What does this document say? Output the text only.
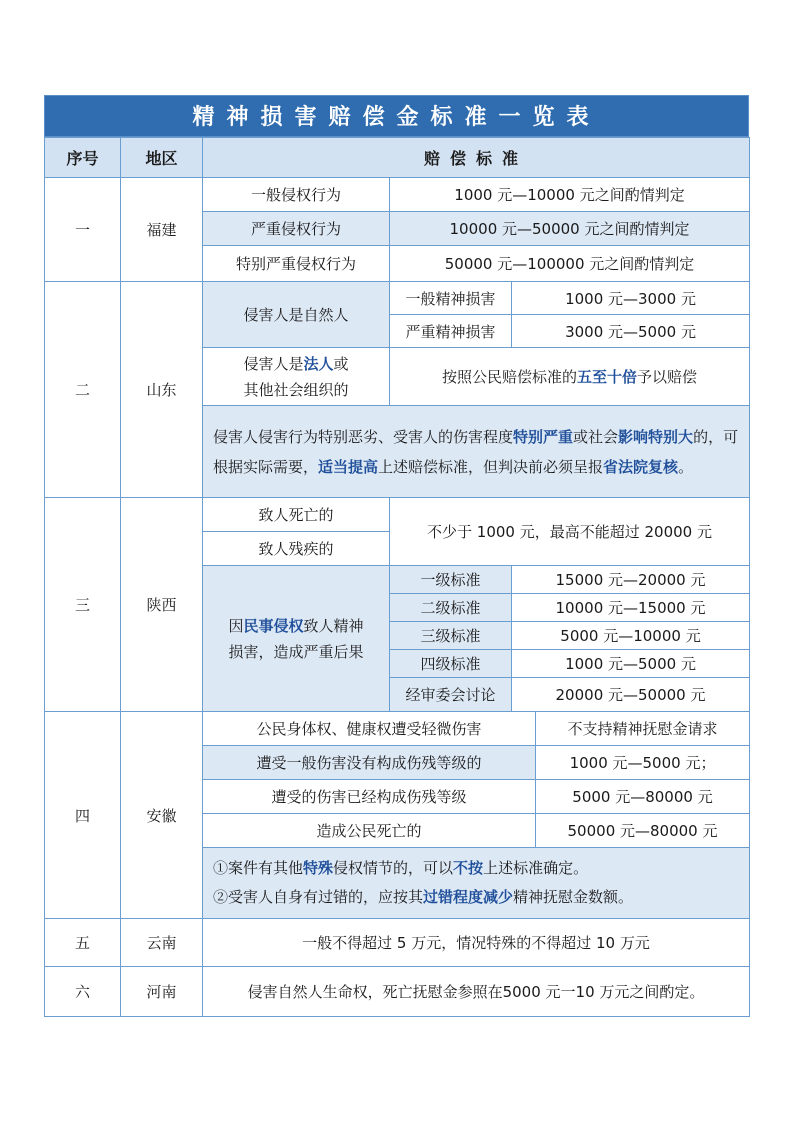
精神损害赔偿金标准一览表
序号	地区	赔偿标准			
一	福建	一般侵权行为	1000 元—10000 元之间酌情判定		
		严重侵权行为	10000 元—50000 元之间酌情判定		
		特别严重侵权行为	50000 元—100000 元之间酌情判定		
二	山东	侵害人是自然人	一般精神损害	1000 元—3000 元	
			严重精神损害	3000 元—5000 元	
		侵害人是法人或
其他社会组织的	按照公民赔偿标准的五至十倍予以赔偿		
		侵害人侵害行为特别恶劣、受害人的伤害程度特别严重或社会影响特别大的，可根据实际需要，适当提高上述赔偿标准，但判决前必须呈报省法院复核。			
三	陕西	致人死亡的	不少于 1000 元，最高不能超过 20000 元		
		致人残疾的			
		因民事侵权致人精神
损害，造成严重后果	一级标准	15000 元—20000 元	
			二级标准	10000 元—15000 元	
			三级标准	5000 元—10000 元	
			四级标准	1000 元—5000 元	
			经审委会讨论	20000 元—50000 元	
四	安徽	公民身体权、健康权遭受轻微伤害			不支持精神抚慰金请求
		遭受一般伤害没有构成伤残等级的			1000 元—5000 元；
		遭受的伤害已经构成伤残等级			5000 元—80000 元
		造成公民死亡的			50000 元—80000 元
		①案件有其他特殊侵权情节的，可以不按上述标准确定。
②受害人自身有过错的，应按其过错程度减少精神抚慰金数额。			
五	云南	一般不得超过 5 万元，情况特殊的不得超过 10 万元			
六	河南	侵害自然人生命权，死亡抚慰金参照在5000 元一10 万元之间酌定。			
